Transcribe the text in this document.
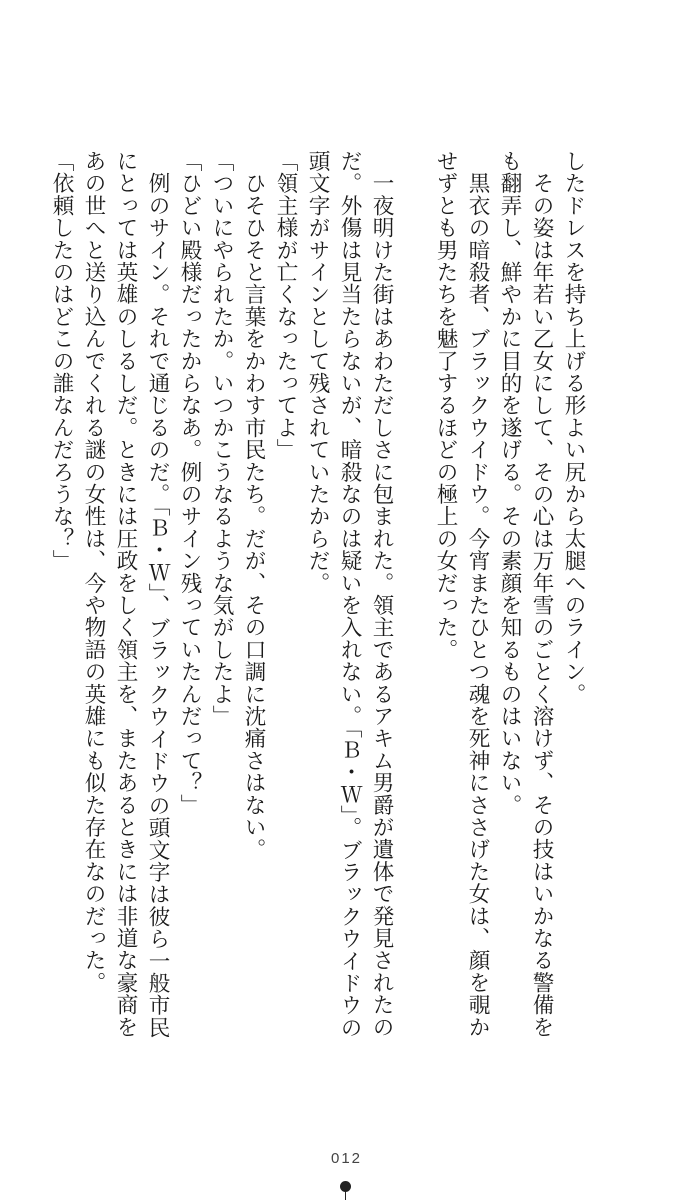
したドレスを持ち上げる形よい尻から太腿へのライン。
　その姿は年若い乙女にして、その心は万年雪のごとく溶けず、その技はいかなる警備を
も翻弄し、鮮やかに目的を遂げる。その素顔を知るものはいない。
　黒衣の暗殺者、ブラックウイドウ。今宵またひとつ魂を死神にささげた女は、顔を覗か
せずとも男たちを魅了するほどの極上の女だった。
　一夜明けた街はあわただしさに包まれた。領主であるアキム男爵が遺体で発見されたの
だ。外傷は見当たらないが、暗殺なのは疑いを入れない。「Ｂ・Ｗ」。ブラックウイドウの
頭文字がサインとして残されていたからだ。
「領主様が亡くなったってよ」
　ひそひそと言葉をかわす市民たち。だが、その口調に沈痛さはない。
「ついにやられたか。いつかこうなるような気がしたよ」
「ひどい殿様だったからなあ。例のサイン残っていたんだって？」
　例のサイン。それで通じるのだ。「Ｂ・Ｗ」、ブラックウイドウの頭文字は彼ら一般市民
にとっては英雄のしるしだ。ときには圧政をしく領主を、またあるときには非道な豪商を
あの世へと送り込んでくれる謎の女性は、今や物語の英雄にも似た存在なのだった。
「依頼したのはどこの誰なんだろうな？」
012
